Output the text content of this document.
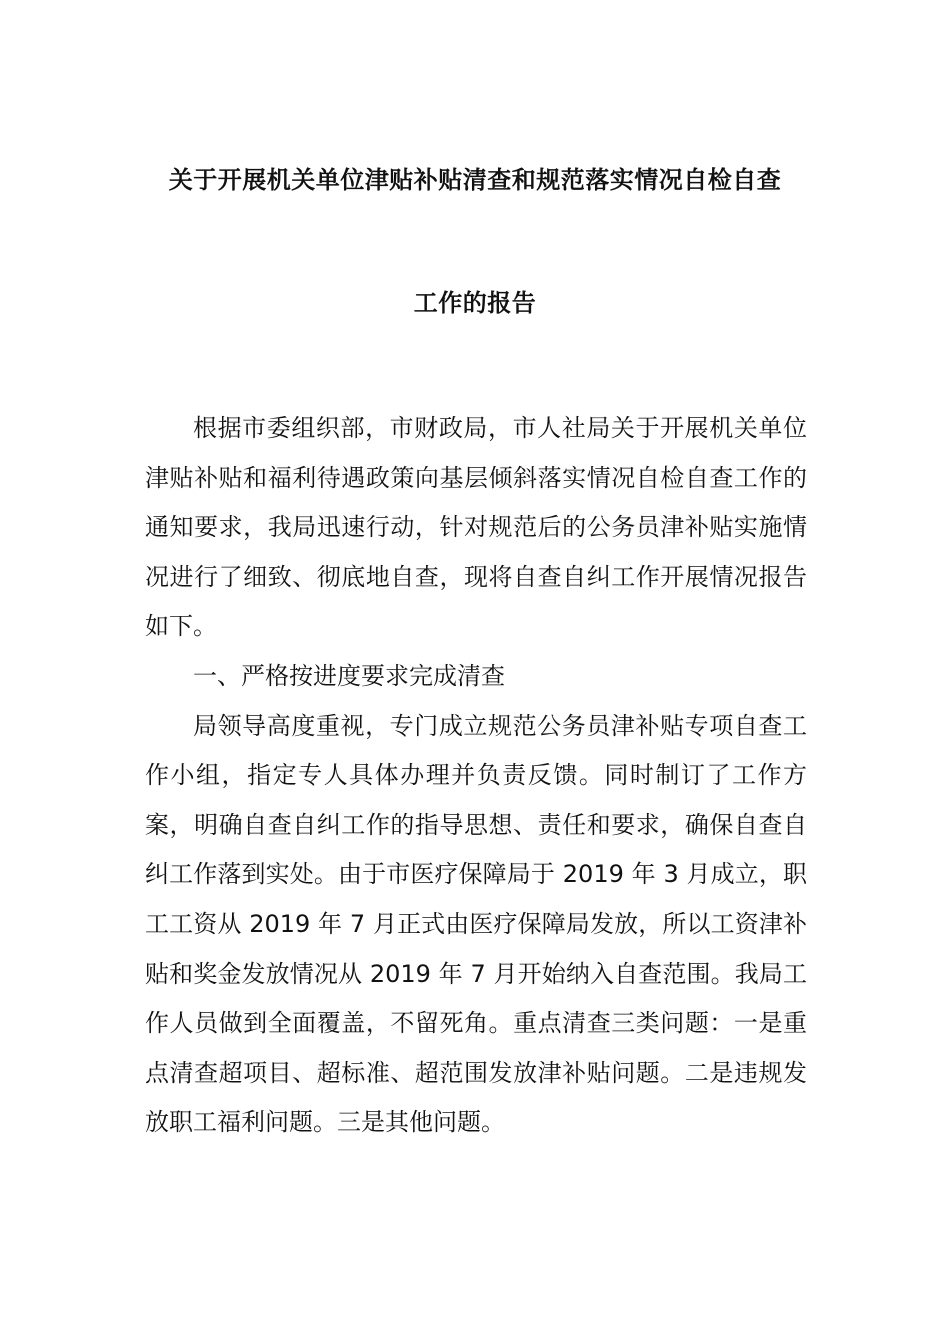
关于开展机关单位津贴补贴清查和规范落实情况自检自查
工作的报告

根据市委组织部，市财政局，市人社局关于开展机关单位津贴补贴和福利待遇政策向基层倾斜落实情况自检自查工作的通知要求，我局迅速行动，针对规范后的公务员津补贴实施情况进行了细致、彻底地自查，现将自查自纠工作开展情况报告如下。

一、严格按进度要求完成清查

局领导高度重视，专门成立规范公务员津补贴专项自查工作小组，指定专人具体办理并负责反馈。同时制订了工作方案，明确自查自纠工作的指导思想、责任和要求，确保自查自纠工作落到实处。由于市医疗保障局于 2019 年 3 月成立，职工工资从 2019 年 7 月正式由医疗保障局发放，所以工资津补贴和奖金发放情况从 2019 年 7 月开始纳入自查范围。我局工作人员做到全面覆盖，不留死角。重点清查三类问题：一是重点清查超项目、超标准、超范围发放津补贴问题。二是违规发放职工福利问题。三是其他问题。
